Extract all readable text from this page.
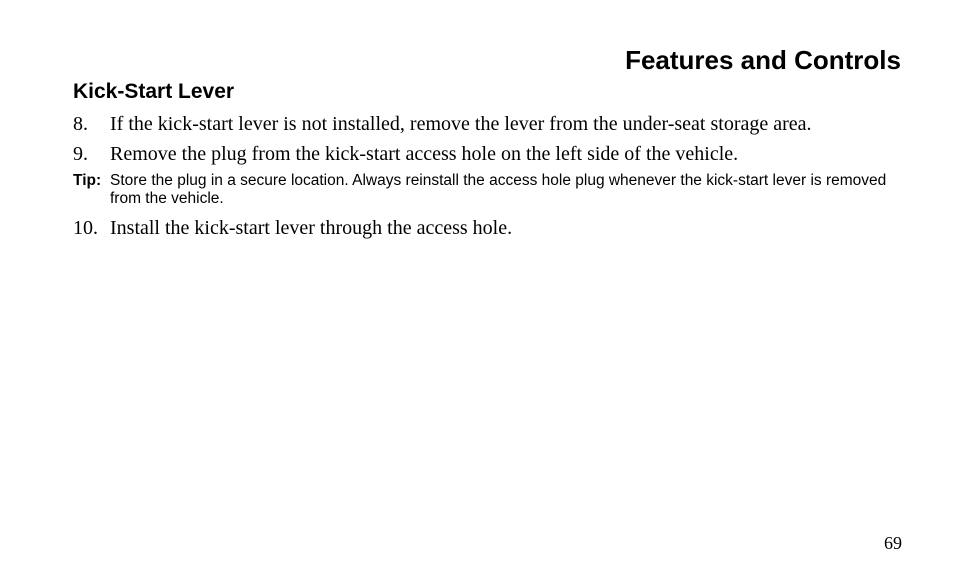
Features and Controls
Kick-Start Lever
8. If the kick-start lever is not installed, remove the lever from the under-seat storage area.
9. Remove the plug from the kick-start access hole on the left side of the vehicle.
Tip: Store the plug in a secure location. Always reinstall the access hole plug whenever the kick-start lever is removed from the vehicle.
10. Install the kick-start lever through the access hole.
69
